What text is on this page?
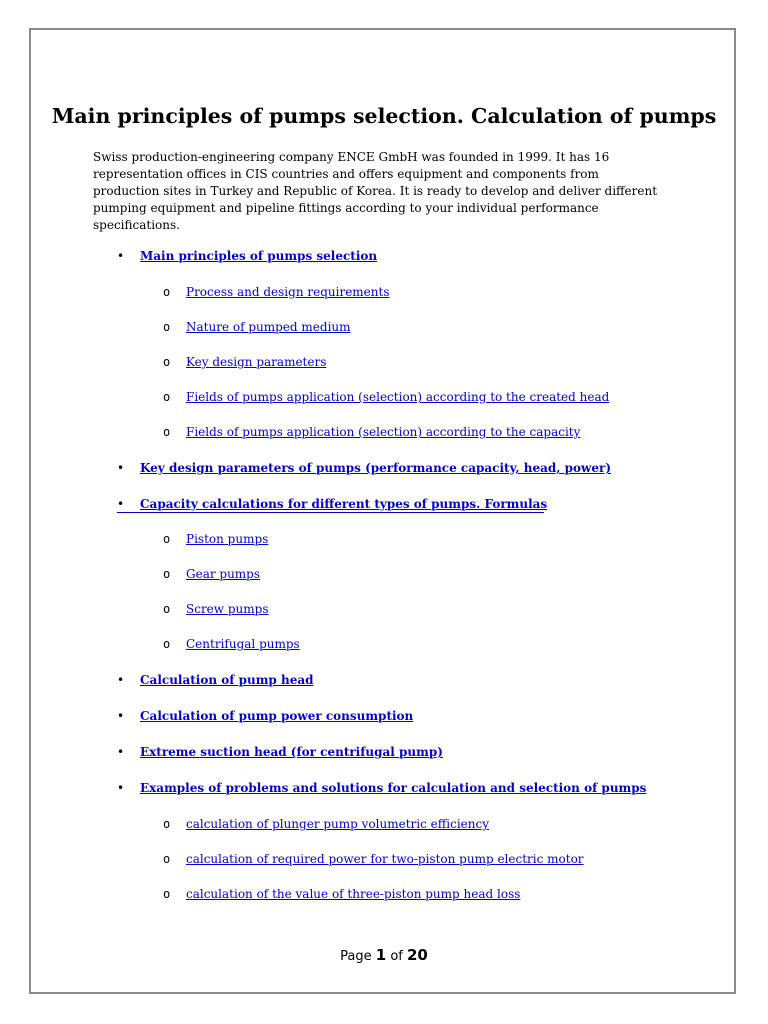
Main principles of pumps selection. Calculation of pumps
Swiss production-engineering company ENCE GmbH was founded in 1999. It has 16
representation offices in CIS countries and offers equipment and components from
production sites in Turkey and Republic of Korea. It is ready to develop and deliver different
pumping equipment and pipeline fittings according to your individual performance
specifications.
• Main principles of pumps selection
o Process and design requirements
o Nature of pumped medium
o Key design parameters
o Fields of pumps application (selection) according to the created head
o Fields of pumps application (selection) according to the capacity
• Key design parameters of pumps (performance capacity, head, power)
• Capacity calculations for different types of pumps. Formulas
o Piston pumps
o Gear pumps
o Screw pumps
o Centrifugal pumps
• Calculation of pump head
• Calculation of pump power consumption
• Extreme suction head (for centrifugal pump)
• Examples of problems and solutions for calculation and selection of pumps
o calculation of plunger pump volumetric efficiency
o calculation of required power for two-piston pump electric motor
o calculation of the value of three-piston pump head loss
Page 1 of 20
